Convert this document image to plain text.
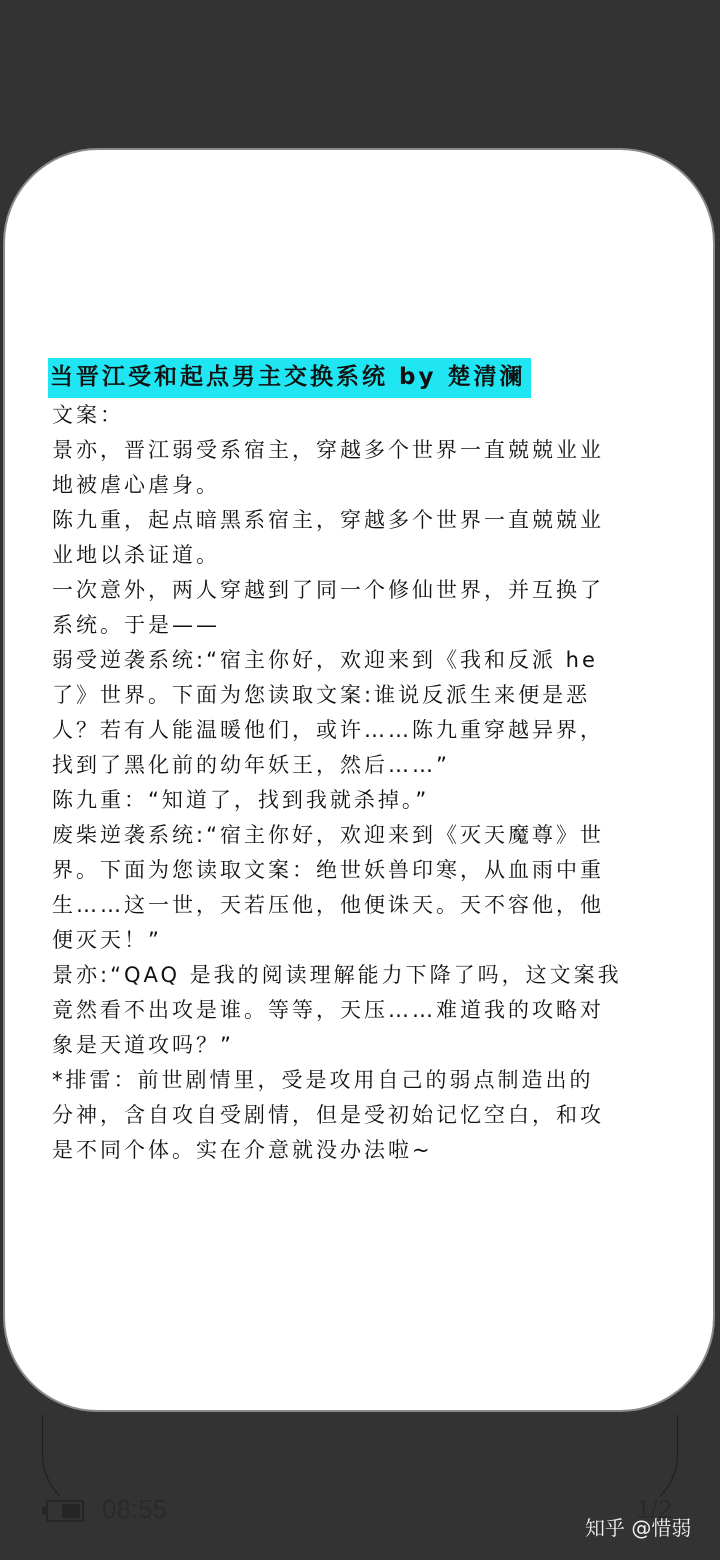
当晋江受和起点男主交换系统 by 楚清澜
文案：
景亦，晋江弱受系宿主，穿越多个世界一直兢兢业业
地被虐心虐身。
陈九重，起点暗黑系宿主，穿越多个世界一直兢兢业
业地以杀证道。
一次意外，两人穿越到了同一个修仙世界，并互换了
系统。于是——
弱受逆袭系统:“宿主你好，欢迎来到《我和反派 he
了》世界。下面为您读取文案:谁说反派生来便是恶
人？若有人能温暖他们，或许……陈九重穿越异界，
找到了黑化前的幼年妖王，然后……”
陈九重：“知道了，找到我就杀掉。”
废柴逆袭系统:“宿主你好，欢迎来到《灭天魔尊》世
界。下面为您读取文案：绝世妖兽印寒，从血雨中重
生……这一世，天若压他，他便诛天。天不容他，他
便灭天！”
景亦:“QAQ 是我的阅读理解能力下降了吗，这文案我
竟然看不出攻是谁。等等，天压……难道我的攻略对
象是天道攻吗？”
*排雷：前世剧情里，受是攻用自己的弱点制造出的
分神，含自攻自受剧情，但是受初始记忆空白，和攻
是不同个体。实在介意就没办法啦~
08:55	1/2
知乎 @惜弱
